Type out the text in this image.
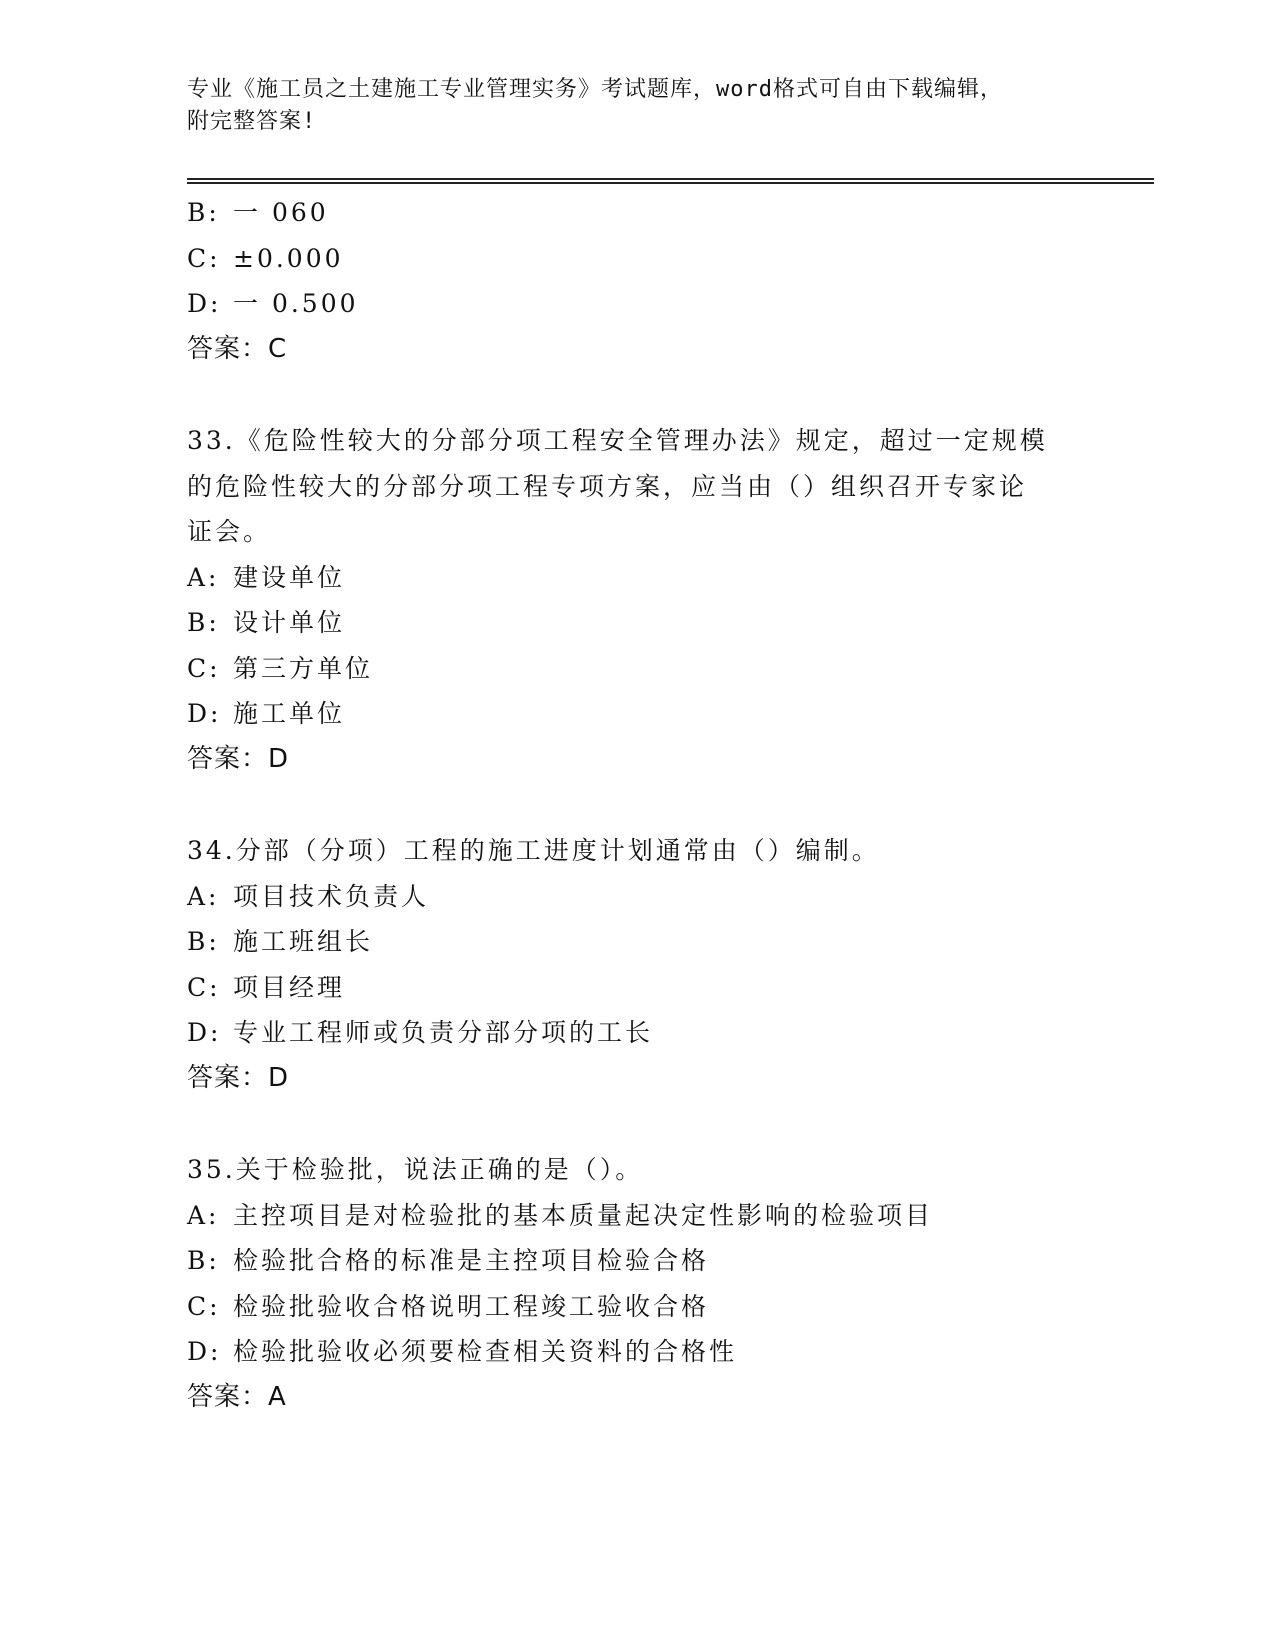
专业《施工员之土建施工专业管理实务》考试题库，word格式可自由下载编辑，
附完整答案!
B: 一 060
C: ±0.000
D: 一 0.500
答案：C
33.《危险性较大的分部分项工程安全管理办法》规定，超过一定规模
的危险性较大的分部分项工程专项方案，应当由（）组织召开专家论
证会。
A: 建设单位
B: 设计单位
C: 第三方单位
D: 施工单位
答案：D
34.分部（分项）工程的施工进度计划通常由（）编制。
A: 项目技术负责人
B: 施工班组长
C: 项目经理
D: 专业工程师或负责分部分项的工长
答案：D
35.关于检验批，说法正确的是（）。
A: 主控项目是对检验批的基本质量起决定性影响的检验项目
B: 检验批合格的标准是主控项目检验合格
C: 检验批验收合格说明工程竣工验收合格
D: 检验批验收必须要检查相关资料的合格性
答案：A
